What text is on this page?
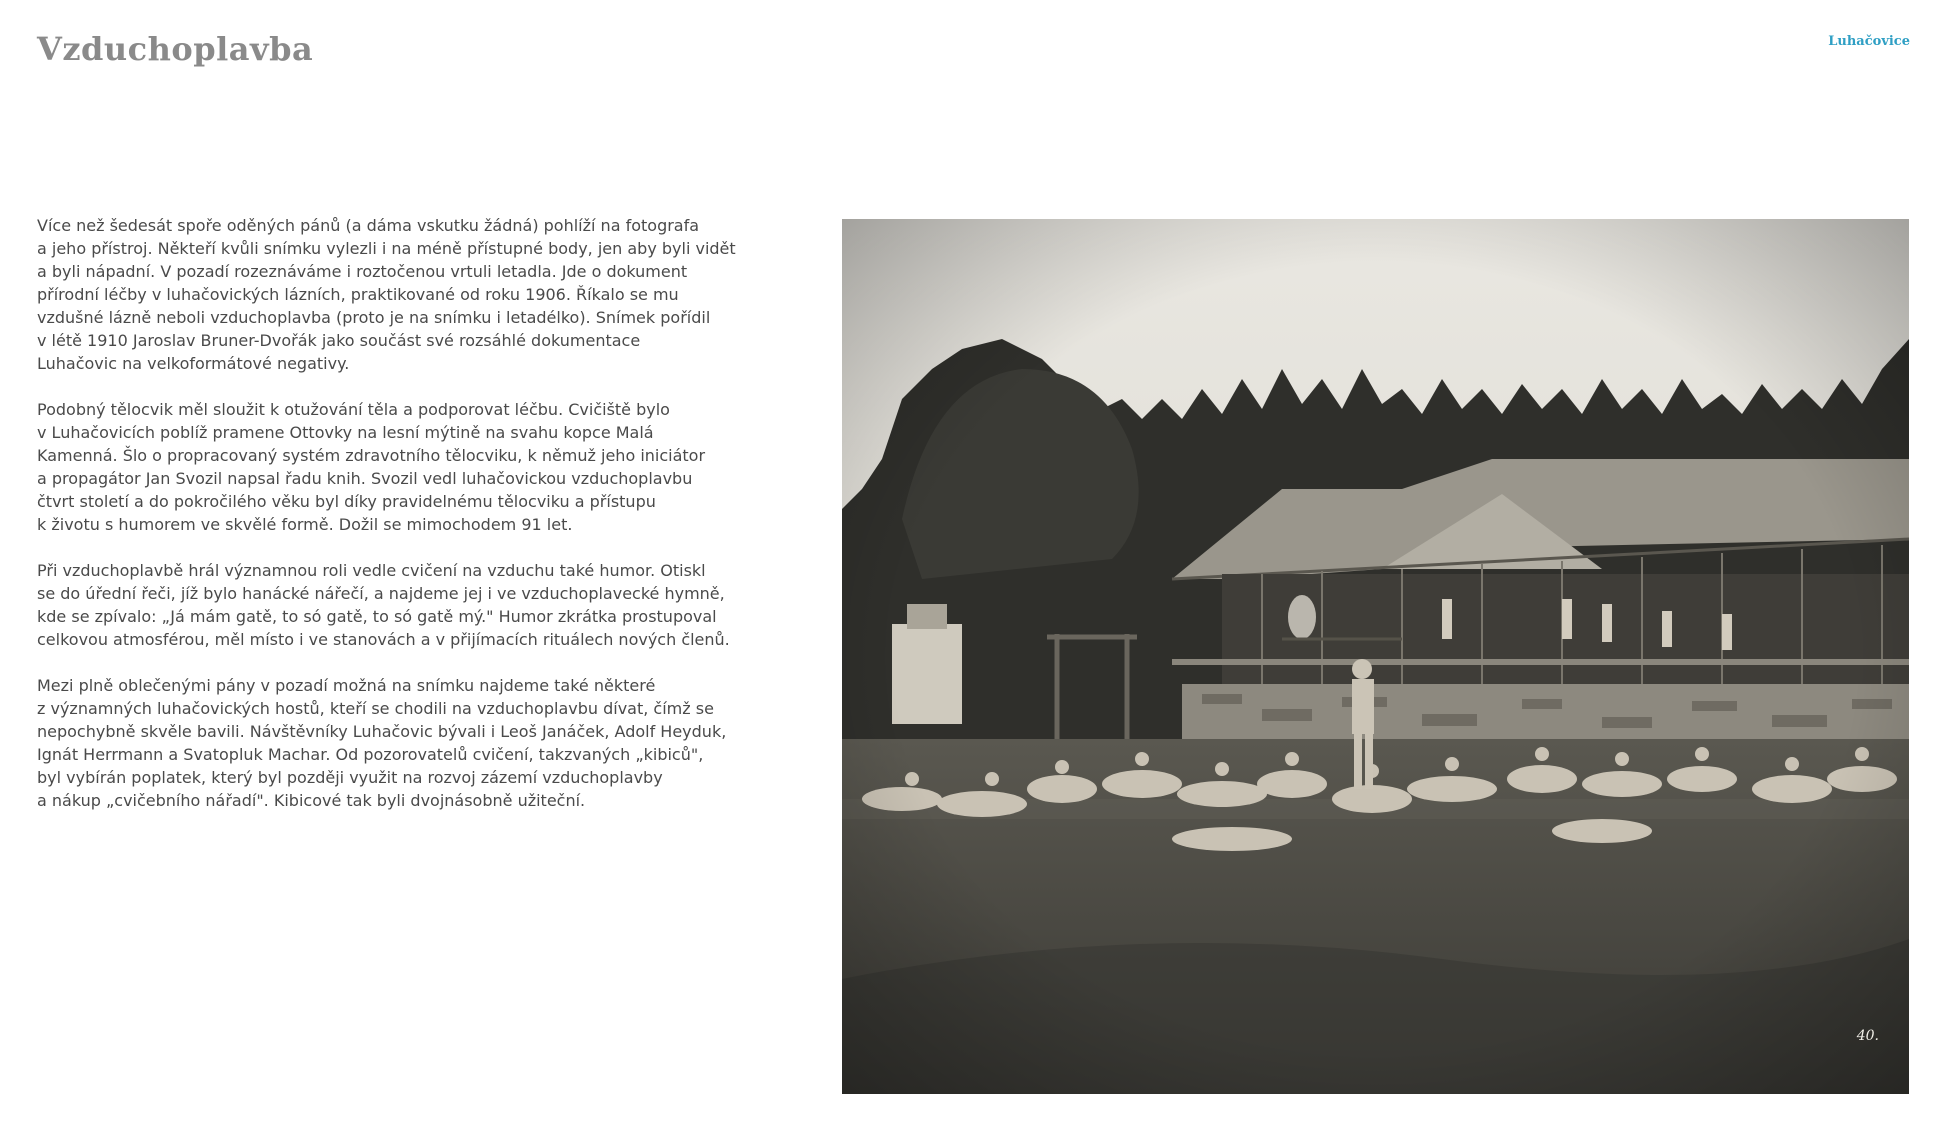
Vzduchoplavba	Luhačovice

Více než šedesát spoře oděných pánů (a dáma vskutku žádná) pohlíží na fotografa
a jeho přístroj. Někteří kvůli snímku vylezli i na méně přístupné body, jen aby byli vidět
a byli nápadní. V pozadí rozeznáváme i roztočenou vrtuli letadla. Jde o dokument
přírodní léčby v luhačovických lázních, praktikované od roku 1906. Říkalo se mu
vzdušné lázně neboli vzduchoplavba (proto je na snímku i letadélko). Snímek pořídil
v létě 1910 Jaroslav Bruner-Dvořák jako součást své rozsáhlé dokumentace
Luhačovic na velkoformátové negativy.

Podobný tělocvik měl sloužit k otužování těla a podporovat léčbu. Cvičiště bylo
v Luhačovicích poblíž pramene Ottovky na lesní mýtině na svahu kopce Malá
Kamenná. Šlo o propracovaný systém zdravotního tělocviku, k němuž jeho iniciátor
a propagátor Jan Svozil napsal řadu knih. Svozil vedl luhačovickou vzduchoplavbu
čtvrt století a do pokročilého věku byl díky pravidelnému tělocviku a přístupu
k životu s humorem ve skvělé formě. Dožil se mimochodem 91 let.

Při vzduchoplavbě hrál významnou roli vedle cvičení na vzduchu také humor. Otiskl
se do úřední řeči, jíž bylo hanácké nářečí, a najdeme jej i ve vzduchoplavecké hymně,
kde se zpívalo: „Já mám gatě, to só gatě, to só gatě mý." Humor zkrátka prostupoval
celkovou atmosférou, měl místo i ve stanovách a v přijímacích rituálech nových členů.

Mezi plně oblečenými pány v pozadí možná na snímku najdeme také některé
z významných luhačovických hostů, kteří se chodili na vzduchoplavbu dívat, čímž se
nepochybně skvěle bavili. Návštěvníky Luhačovic bývali i Leoš Janáček, Adolf Heyduk,
Ignát Herrmann a Svatopluk Machar. Od pozorovatelů cvičení, takzvaných „kibiců",
byl vybírán poplatek, který byl později využit na rozvoj zázemí vzduchoplavby
a nákup „cvičebního nářadí". Kibicové tak byli dvojnásobně užiteční.

40.
